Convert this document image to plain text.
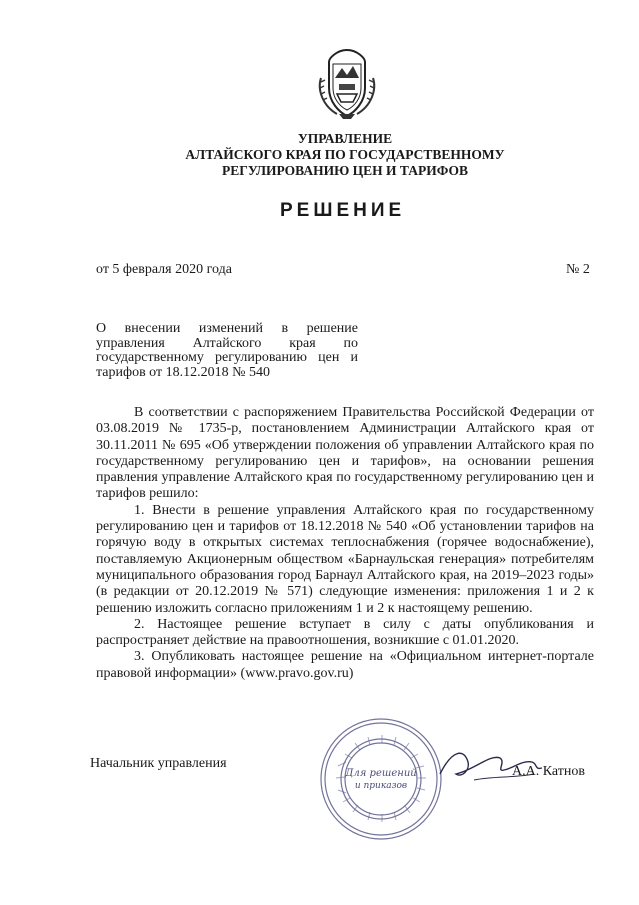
УПРАВЛЕНИЕ
АЛТАЙСКОГО КРАЯ ПО ГОСУДАРСТВЕННОМУ
РЕГУЛИРОВАНИЮ ЦЕН И ТАРИФОВ
РЕШЕНИЕ
от 5 февраля 2020 года	№ 2
О внесении изменений в решение
управления Алтайского края по
государственному регулированию цен и
тарифов от 18.12.2018 № 540

В соответствии с распоряжением Правительства Российской Федерации от 03.08.2019 № 1735-р, постановлением Администрации Алтайского края от 30.11.2011 № 695 «Об утверждении положения об управлении Алтайского края по государственному регулированию цен и тарифов», на основании решения правления управление Алтайского края по государственному регулированию цен и тарифов решило:

1. Внести в решение управления Алтайского края по государственному регулированию цен и тарифов от 18.12.2018 № 540 «Об установлении тарифов на горячую воду в открытых системах теплоснабжения (горячее водоснабжение), поставляемую Акционерным обществом «Барнаульская генерация» потребителям муниципального образования город Барнаул Алтайского края, на 2019–2023 годы» (в редакции от 20.12.2019 № 571) следующие изменения: приложения 1 и 2 к решению изложить согласно приложениям 1 и 2 к настоящему решению.

2. Настоящее решение вступает в силу с даты опубликования и распространяет действие на правоотношения, возникшие с 01.01.2020.

3. Опубликовать настоящее решение на «Официальном интернет-портале правовой информации» (www.pravo.gov.ru)

Начальник управления
Для решений
и приказов
А.А. Катнов
